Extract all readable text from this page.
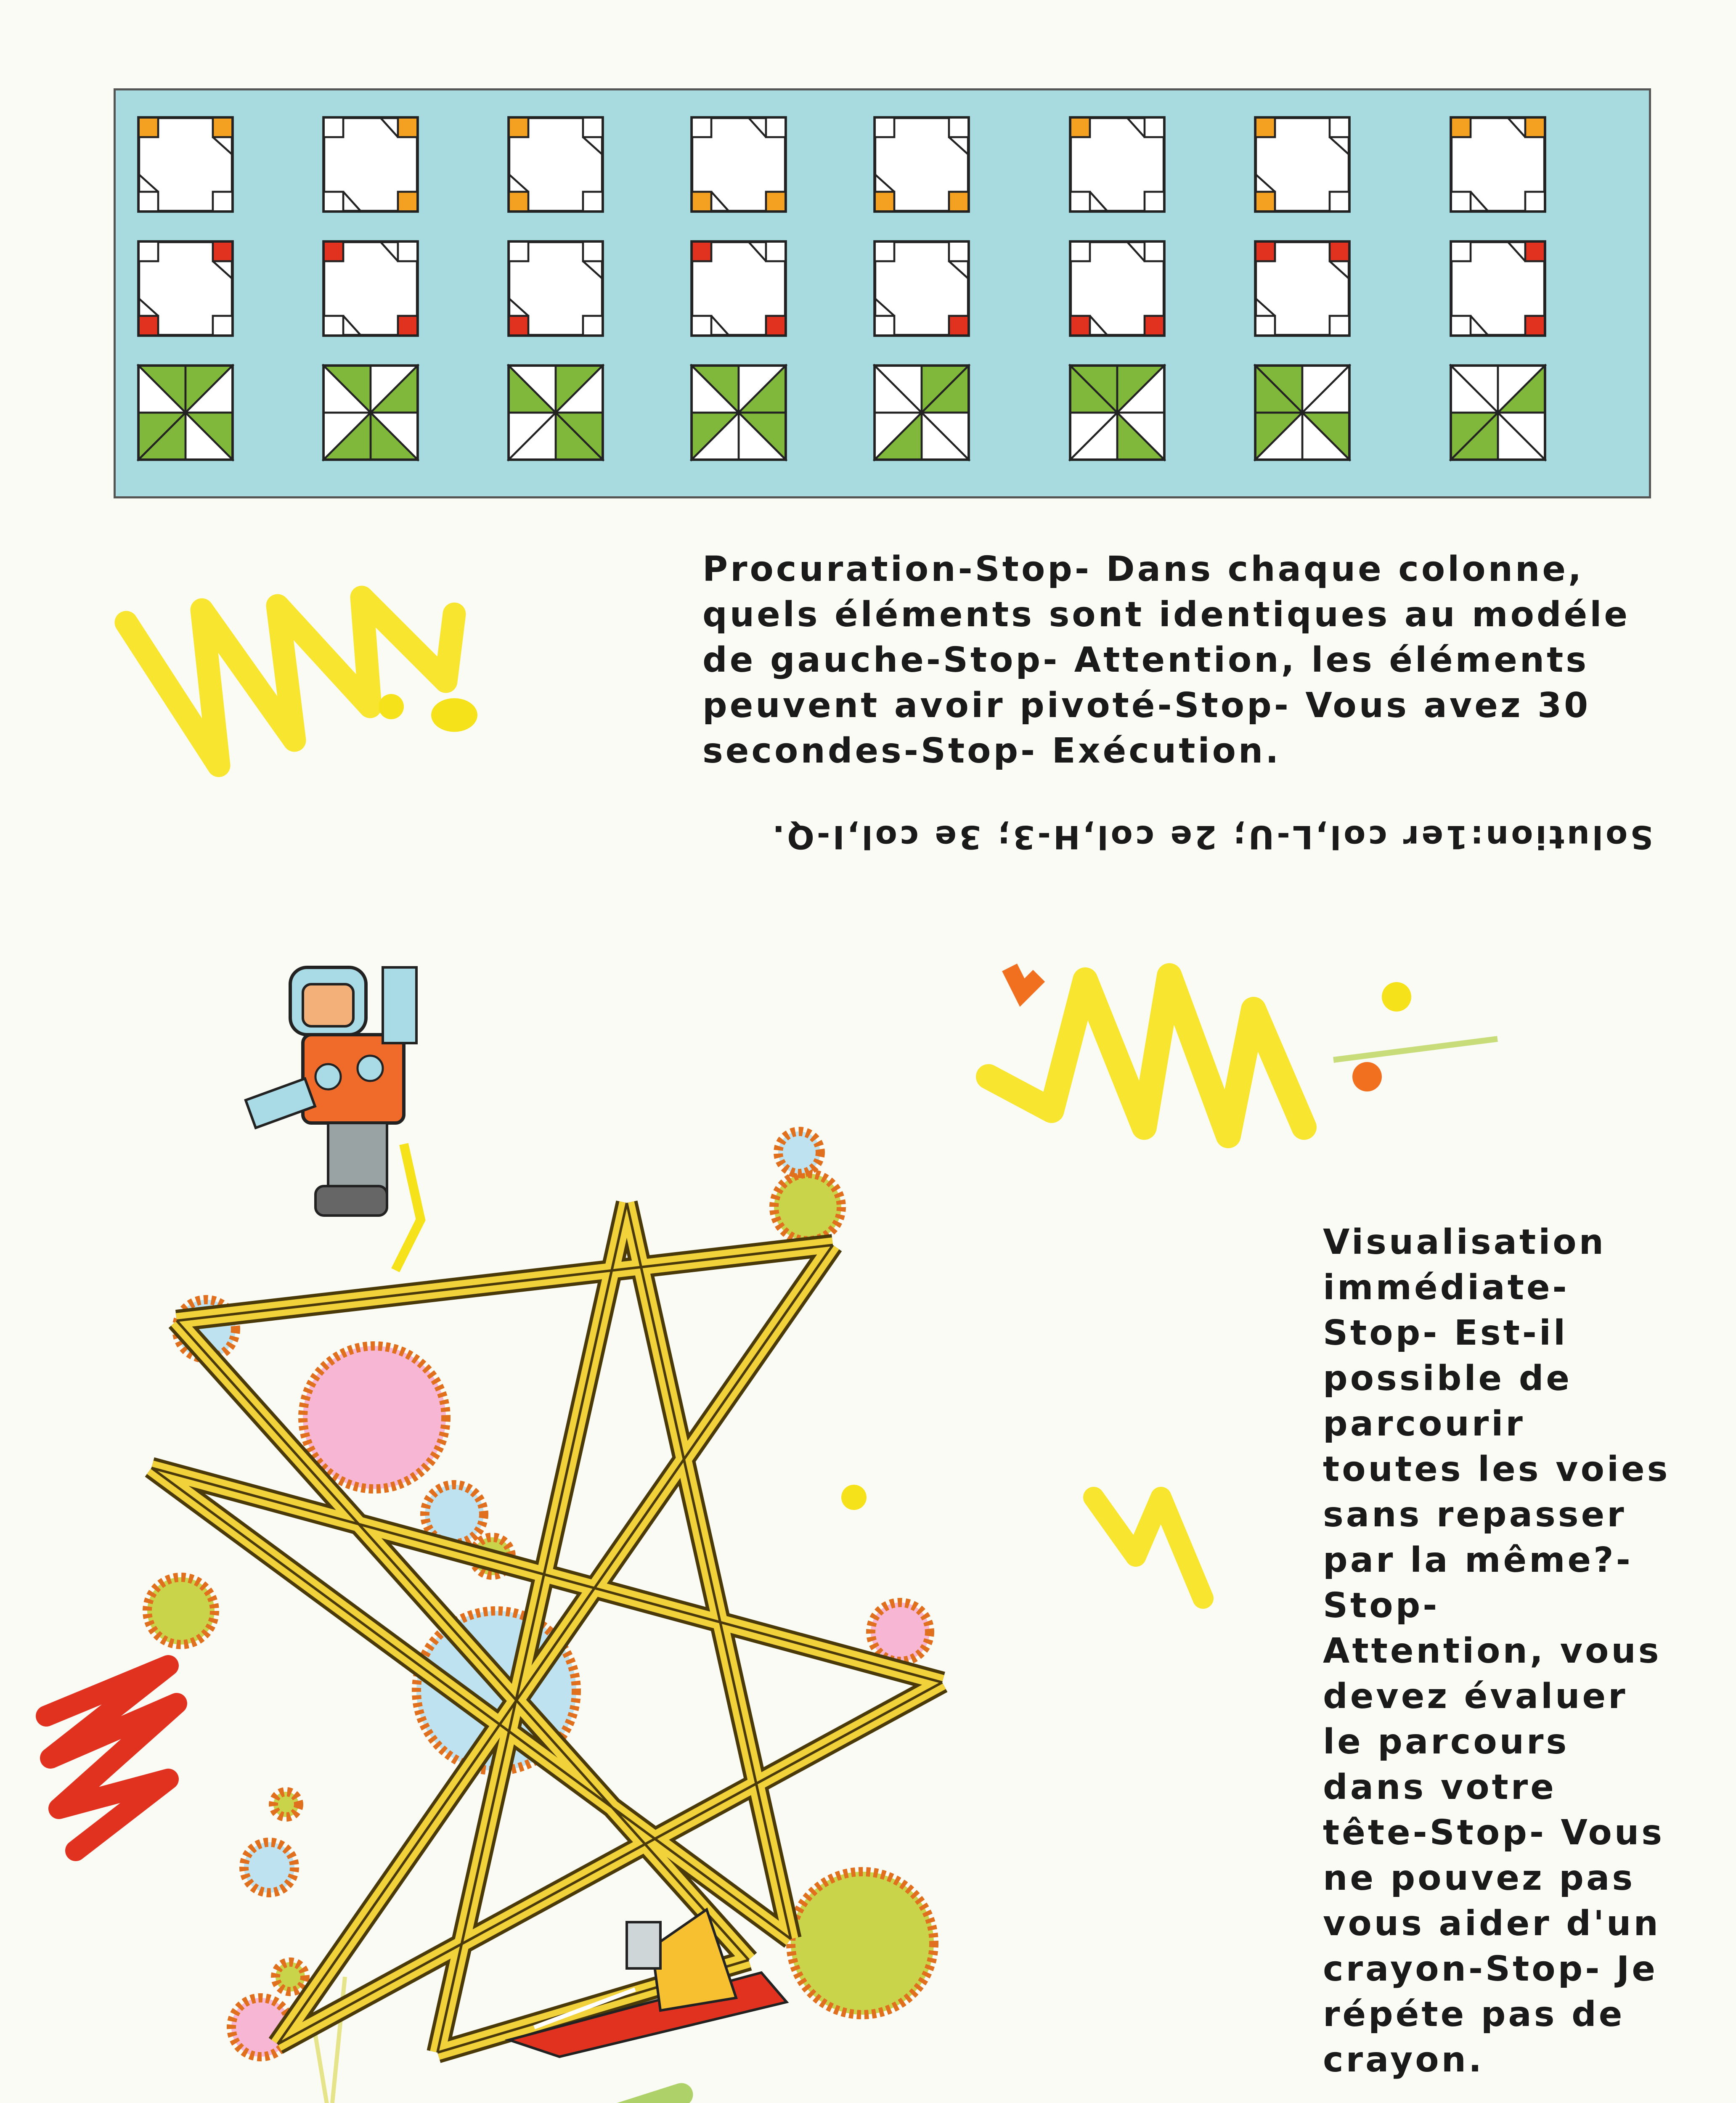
Procuration-Stop- Dans chaque colonne, quels éléments sont identiques au modéle de gauche-Stop- Attention, les éléments peuvent avoir pivoté-Stop- Vous avez 30 secondes-Stop- Exécution.
Solution:1er col,L-U; 2e col,H-3; 3e col,I-Q.
Visualisation immédiate-Stop- Est-il possible de parcourir toutes les voies sans repasser par la même?-Stop- Attention, vous devez évaluer le parcours dans votre tête-Stop- Vous ne pouvez pas vous aider d'un crayon-Stop- Je répéte pas de crayon.
